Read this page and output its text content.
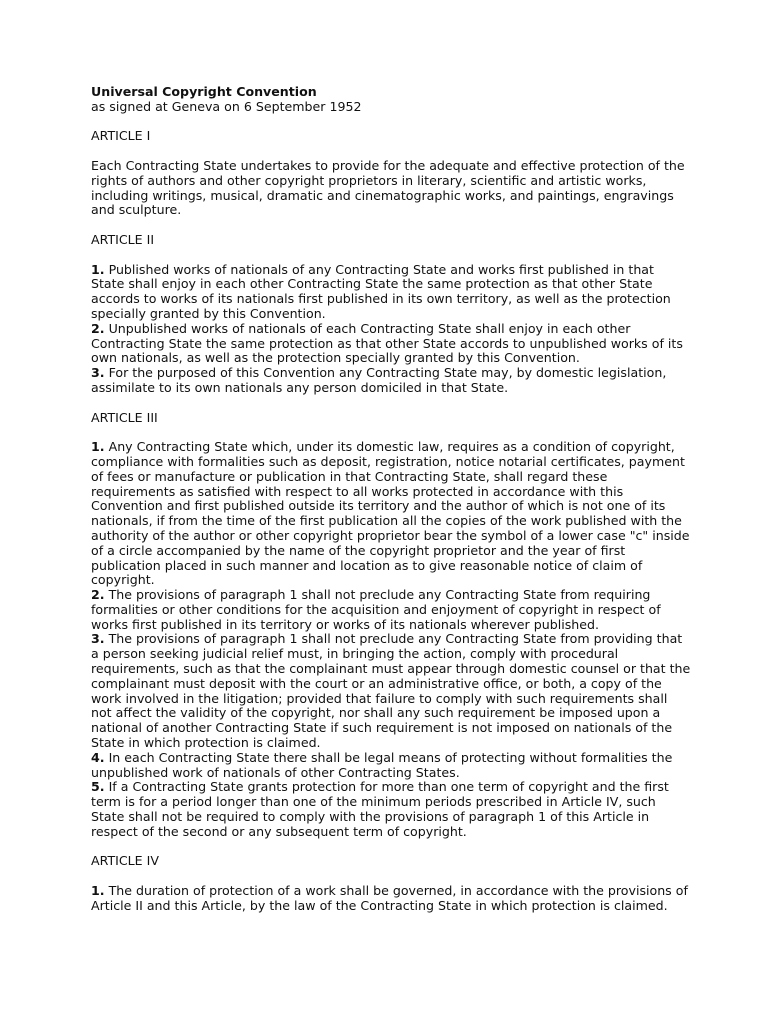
Universal Copyright Convention
as signed at Geneva on 6 September 1952
ARTICLE I
Each Contracting State undertakes to provide for the adequate and effective protection of the rights of authors and other copyright proprietors in literary, scientific and artistic works, including writings, musical, dramatic and cinematographic works, and paintings, engravings and sculpture.
ARTICLE II
1. Published works of nationals of any Contracting State and works first published in that State shall enjoy in each other Contracting State the same protection as that other State accords to works of its nationals first published in its own territory, as well as the protection specially granted by this Convention.
2. Unpublished works of nationals of each Contracting State shall enjoy in each other Contracting State the same protection as that other State accords to unpublished works of its own nationals, as well as the protection specially granted by this Convention.
3. For the purposed of this Convention any Contracting State may, by domestic legislation, assimilate to its own nationals any person domiciled in that State.
ARTICLE III
1. Any Contracting State which, under its domestic law, requires as a condition of copyright, compliance with formalities such as deposit, registration, notice notarial certificates, payment of fees or manufacture or publication in that Contracting State, shall regard these requirements as satisfied with respect to all works protected in accordance with this Convention and first published outside its territory and the author of which is not one of its nationals, if from the time of the first publication all the copies of the work published with the authority of the author or other copyright proprietor bear the symbol of a lower case "c" inside of a circle accompanied by the name of the copyright proprietor and the year of first publication placed in such manner and location as to give reasonable notice of claim of copyright.
2. The provisions of paragraph 1 shall not preclude any Contracting State from requiring formalities or other conditions for the acquisition and enjoyment of copyright in respect of works first published in its territory or works of its nationals wherever published.
3. The provisions of paragraph 1 shall not preclude any Contracting State from providing that a person seeking judicial relief must, in bringing the action, comply with procedural requirements, such as that the complainant must appear through domestic counsel or that the complainant must deposit with the court or an administrative office, or both, a copy of the work involved in the litigation; provided that failure to comply with such requirements shall not affect the validity of the copyright, nor shall any such requirement be imposed upon a national of another Contracting State if such requirement is not imposed on nationals of the State in which protection is claimed.
4. In each Contracting State there shall be legal means of protecting without formalities the unpublished work of nationals of other Contracting States.
5. If a Contracting State grants protection for more than one term of copyright and the first term is for a period longer than one of the minimum periods prescribed in Article IV, such State shall not be required to comply with the provisions of paragraph 1 of this Article in respect of the second or any subsequent term of copyright.
ARTICLE IV
1. The duration of protection of a work shall be governed, in accordance with the provisions of Article II and this Article, by the law of the Contracting State in which protection is claimed.
